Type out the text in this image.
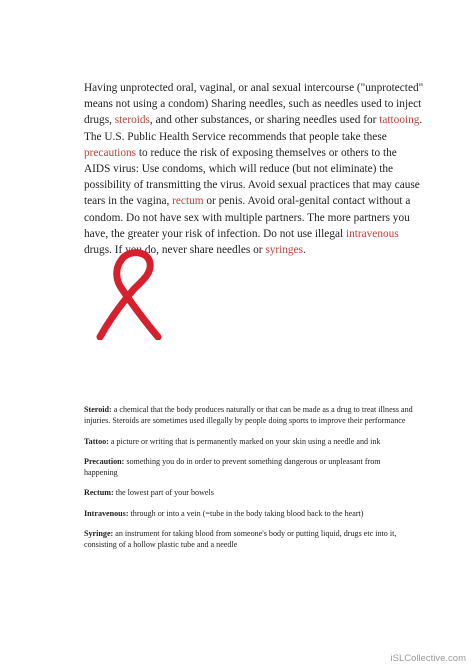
Having unprotected oral, vaginal, or anal sexual intercourse ("unprotected" means not using a condom) Sharing needles, such as needles used to inject drugs, steroids, and other substances, or sharing needles used for tattooing. The U.S. Public Health Service recommends that people take these precautions to reduce the risk of exposing themselves or others to the AIDS virus: Use condoms, which will reduce (but not eliminate) the possibility of transmitting the virus. Avoid sexual practices that may cause tears in the vagina, rectum or penis. Avoid oral-genital contact without a condom. Do not have sex with multiple partners. The more partners you have, the greater your risk of infection. Do not use illegal intravenous drugs. If you do, never share needles or syringes.

Steroid: a chemical that the body produces naturally or that can be made as a drug to treat illness and injuries. Steroids are sometimes used illegally by people doing sports to improve their performance

Tattoo: a picture or writing that is permanently marked on your skin using a needle and ink

Precaution: something you do in order to prevent something dangerous or unpleasant from happening

Rectum: the lowest part of your bowels

Intravenous: through or into a vein (=tube in the body taking blood back to the heart)

Syringe: an instrument for taking blood from someone's body or putting liquid, drugs etc into it, consisting of a hollow plastic tube and a needle

iSLCollective.com
